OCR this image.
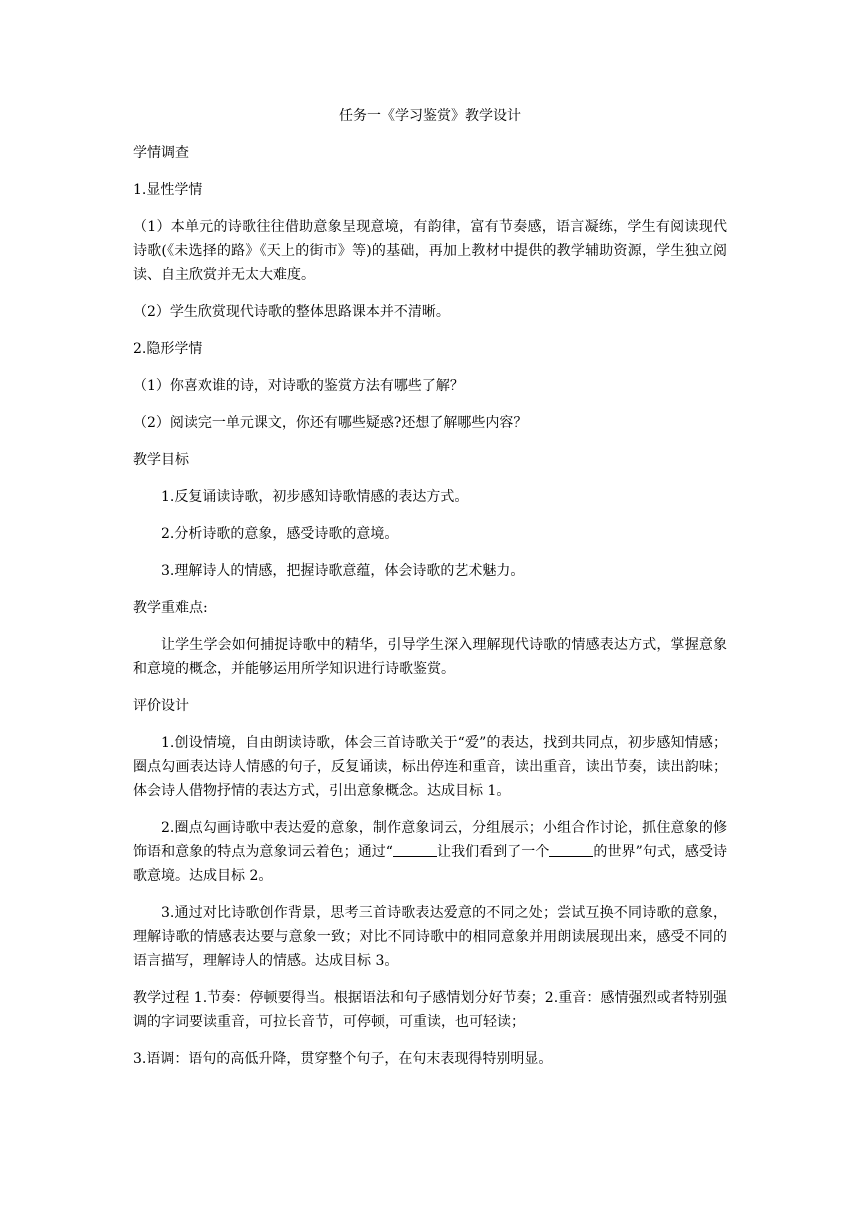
任务一《学习鉴赏》教学设计

学情调查

1.显性学情

（1）本单元的诗歌往往借助意象呈现意境，有韵律，富有节奏感，语言凝练，学生有阅读现代诗歌(《未选择的路》《天上的街市》等)的基础，再加上教材中提供的教学辅助资源，学生独立阅读、自主欣赏并无太大难度。

（2）学生欣赏现代诗歌的整体思路课本并不清晰。

2.隐形学情

（1）你喜欢谁的诗，对诗歌的鉴赏方法有哪些了解？

（2）阅读完一单元课文，你还有哪些疑惑?还想了解哪些内容？

教学目标

1.反复诵读诗歌，初步感知诗歌情感的表达方式。

2.分析诗歌的意象，感受诗歌的意境。

3.理解诗人的情感，把握诗歌意蕴，体会诗歌的艺术魅力。

教学重难点:

让学生学会如何捕捉诗歌中的精华，引导学生深入理解现代诗歌的情感表达方式，掌握意象和意境的概念，并能够运用所学知识进行诗歌鉴赏。

评价设计

1.创设情境，自由朗读诗歌，体会三首诗歌关于“爱”的表达，找到共同点，初步感知情感；圈点勾画表达诗人情感的句子，反复诵读，标出停连和重音，读出重音，读出节奏，读出韵味；体会诗人借物抒情的表达方式，引出意象概念。达成目标 1。

2.圈点勾画诗歌中表达爱的意象，制作意象词云，分组展示；小组合作讨论，抓住意象的修饰语和意象的特点为意象词云着色；通过“	让我们看到了一个	的世界”句式，感受诗歌意境。达成目标 2。

3.通过对比诗歌创作背景，思考三首诗歌表达爱意的不同之处；尝试互换不同诗歌的意象，理解诗歌的情感表达要与意象一致；对比不同诗歌中的相同意象并用朗读展现出来，感受不同的语言描写，理解诗人的情感。达成目标 3。

教学过程 1.节奏：停顿要得当。根据语法和句子感情划分好节奏；2.重音：感情强烈或者特别强调的字词要读重音，可拉长音节，可停顿，可重读，也可轻读；

3.语调：语句的高低升降，贯穿整个句子，在句末表现得特别明显。
